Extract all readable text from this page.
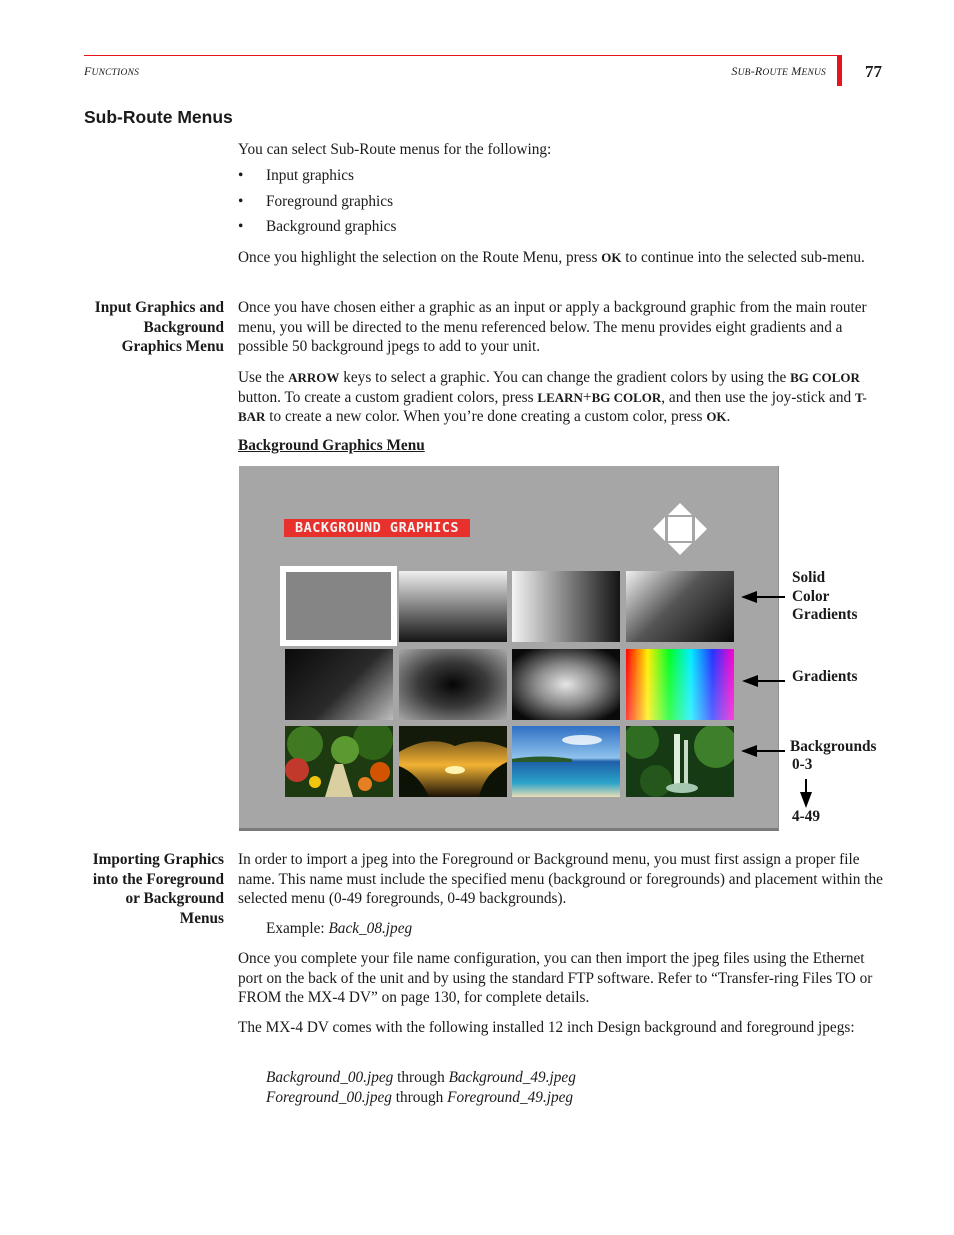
FUNCTIONS	SUB-ROUTE MENUS 77
Sub-Route Menus
You can select Sub-Route menus for the following:
• Input graphics
• Foreground graphics
• Background graphics
Once you highlight the selection on the Route Menu, press OK to continue into the selected sub-menu.
Input Graphics and
Background
Graphics Menu
Once you have chosen either a graphic as an input or apply a background graphic from the main router menu, you will be directed to the menu referenced below. The menu provides eight gradients and a possible 50 background jpegs to add to your unit.
Use the ARROW keys to select a graphic. You can change the gradient colors by using the BG COLOR button. To create a custom gradient colors, press LEARN+BG COLOR, and then use the joy-stick and T-BAR to create a new color. When you’re done creating a custom color, press OK.
Background Graphics Menu
BACKGROUND GRAPHICS
Solid
Color
Gradients
Gradients
Backgrounds
0-3
4-49
Importing Graphics
into the Foreground
or Background
Menus
In order to import a jpeg into the Foreground or Background menu, you must first assign a proper file name. This name must include the specified menu (background or foregrounds) and placement within the selected menu (0-49 foregrounds, 0-49 backgrounds).
Example: Back_08.jpeg
Once you complete your file name configuration, you can then import the jpeg files using the Ethernet port on the back of the unit and by using the standard FTP software. Refer to “Transfer-ring Files TO or FROM the MX-4 DV” on page 130, for complete details.
The MX-4 DV comes with the following installed 12 inch Design background and foreground jpegs:
Background_00.jpeg through Background_49.jpeg
Foreground_00.jpeg through Foreground_49.jpeg
